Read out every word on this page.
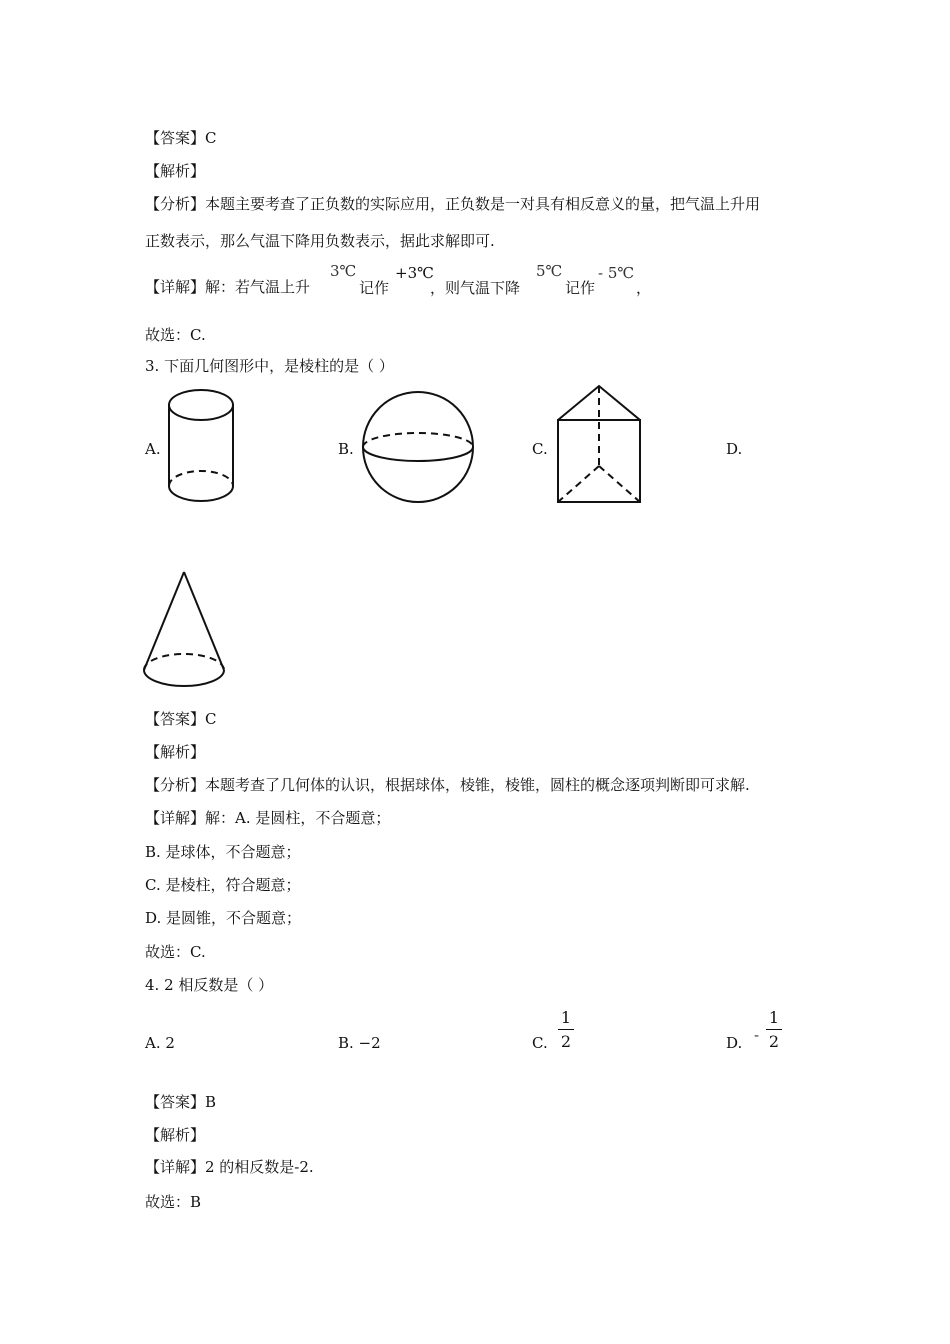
【答案】C
【解析】
【分析】本题主要考查了正负数的实际应用，正负数是一对具有相反意义的量，把气温上升用
正数表示，那么气温下降用负数表示，据此求解即可.
【详解】解：若气温上升
3℃
记作
+3℃
，则气温下降
5℃
记作
- 5℃
，
故选：C.
3. 下面几何图形中，是棱柱的是（ ）
A.	B.	C.	D.
【答案】C
【解析】
【分析】本题考查了几何体的认识，根据球体，棱锥，棱锥，圆柱的概念逐项判断即可求解.
【详解】解：A. 是圆柱，不合题意；
B. 是球体，不合题意；
C. 是棱柱，符合题意；
D. 是圆锥，不合题意；
故选：C.
4. 2 相反数是（ ）
A. 2	B. −2	C.
1
2	D. -
1
2
【答案】B
【解析】
【详解】2 的相反数是-2.
故选：B
